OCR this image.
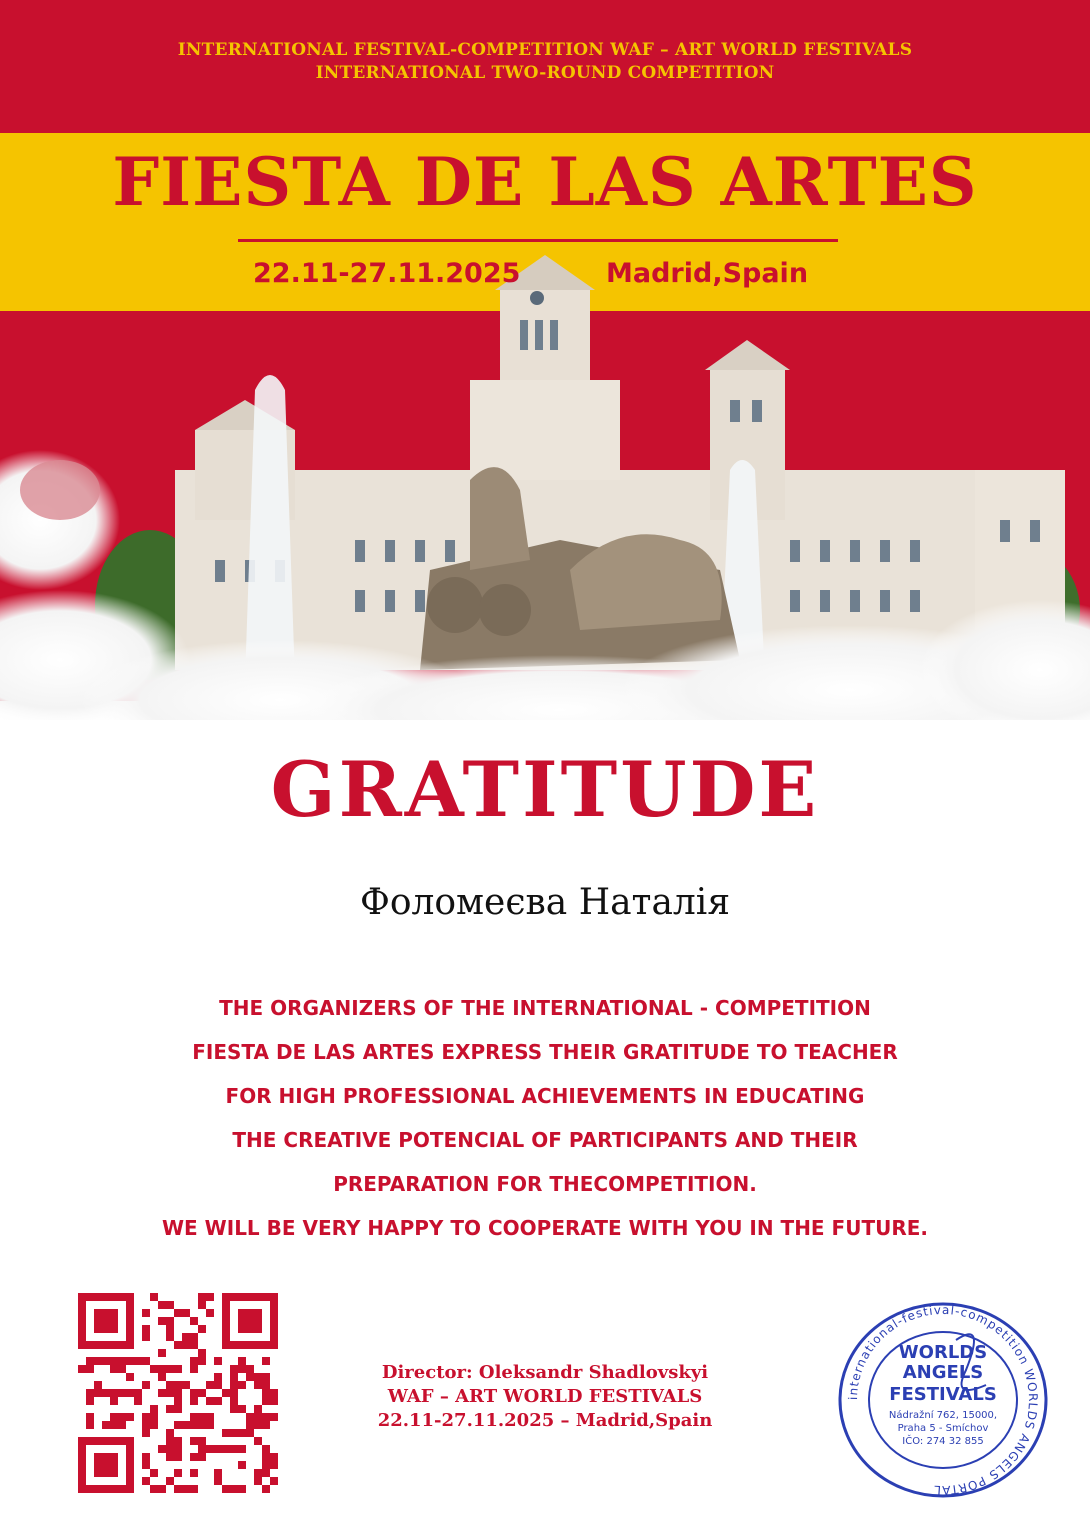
INTERNATIONAL FESTIVAL-COMPETITION WAF – ART WORLD FESTIVALS
INTERNATIONAL TWO-ROUND COMPETITION
FIESTA DE LAS ARTES
22.11-27.11.2025	Madrid,Spain
GRATITUDE
Фоломеєва Наталія
THE ORGANIZERS OF THE INTERNATIONAL - COMPETITION
FIESTA DE LAS ARTES EXPRESS THEIR GRATITUDE TO TEACHER
FOR HIGH PROFESSIONAL ACHIEVEMENTS IN EDUCATING
THE CREATIVE POTENCIAL OF PARTICIPANTS AND THEIR
PREPARATION FOR THECOMPETITION.
WE WILL BE VERY HAPPY TO COOPERATE WITH YOU IN THE FUTURE.
Director: Oleksandr Shadlovskyi
WAF – ART WORLD FESTIVALS
22.11-27.11.2025 – Madrid,Spain
international-festival-competition WORLDS ANGELS PORTAL
WORLDS
ANGELS
FESTIVALS
Nádražní 762, 15000,
Praha 5 - Smíchov
IČO: 274 32 855
